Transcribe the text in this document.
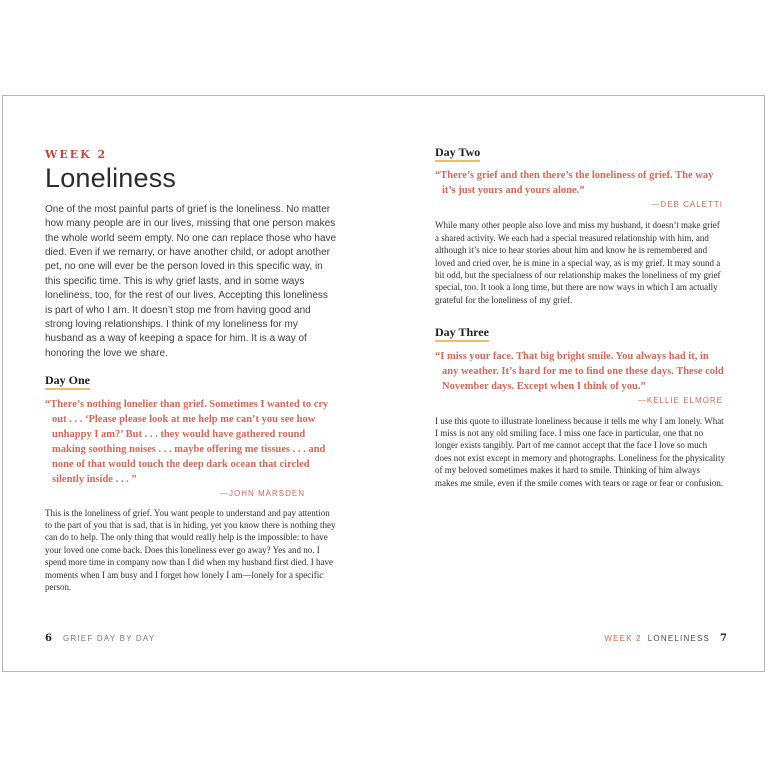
WEEK 2
Loneliness

One of the most painful parts of grief is the loneliness. No matter how many people are in our lives, missing that one person makes the whole world seem empty. No one can replace those who have died. Even if we remarry, or have another child, or adopt another pet, no one will ever be the person loved in this specific way, in this specific time. This is why grief lasts, and in some ways loneliness, too, for the rest of our lives. Accepting this loneliness is part of who I am. It doesn’t stop me from having good and strong loving relationships. I think of my loneliness for my husband as a way of keeping a space for him. It is a way of honoring the love we share.

Day One
“There’s nothing lonelier than grief. Sometimes I wanted to cry out . . . ‘Please please look at me help me can’t you see how unhappy I am?’ But . . . they would have gathered round making soothing noises . . . maybe offering me tissues . . . and none of that would touch the deep dark ocean that circled silently inside . . . ”
—JOHN MARSDEN

This is the loneliness of grief. You want people to understand and pay attention to the part of you that is sad, that is in hiding, yet you know there is nothing they can do to help. The only thing that would really help is the impossible: to have your loved one come back. Does this loneliness ever go away? Yes and no. I spend more time in company now than I did when my husband first died. I have moments when I am busy and I forget how lonely I am—lonely for a specific person.

Day Two
“There’s grief and then there’s the loneliness of grief. The way it’s just yours and yours alone.”
—DEB CALETTI

While many other people also love and miss my husband, it doesn’t make grief a shared activity. We each had a special treasured relationship with him, and although it’s nice to hear stories about him and know he is remembered and loved and cried over, he is mine in a special way, as is my grief. It may sound a bit odd, but the specialness of our relationship makes the loneliness of my grief special, too. It took a long time, but there are now ways in which I am actually grateful for the loneliness of my grief.

Day Three
“I miss your face. That big bright smile. You always had it, in any weather. It’s hard for me to find one these days. These cold November days. Except when I think of you.”
—KELLIE ELMORE

I use this quote to illustrate loneliness because it tells me why I am lonely. What I miss is not any old smiling face. I miss one face in particular, one that no longer exists tangibly. Part of me cannot accept that the face I love so much does not exist except in memory and photographs. Loneliness for the physicality of my beloved sometimes makes it hard to smile. Thinking of him always makes me smile, even if the smile comes with tears or rage or fear or confusion.

6 GRIEF DAY BY DAY	WEEK 2 LONELINESS 7
